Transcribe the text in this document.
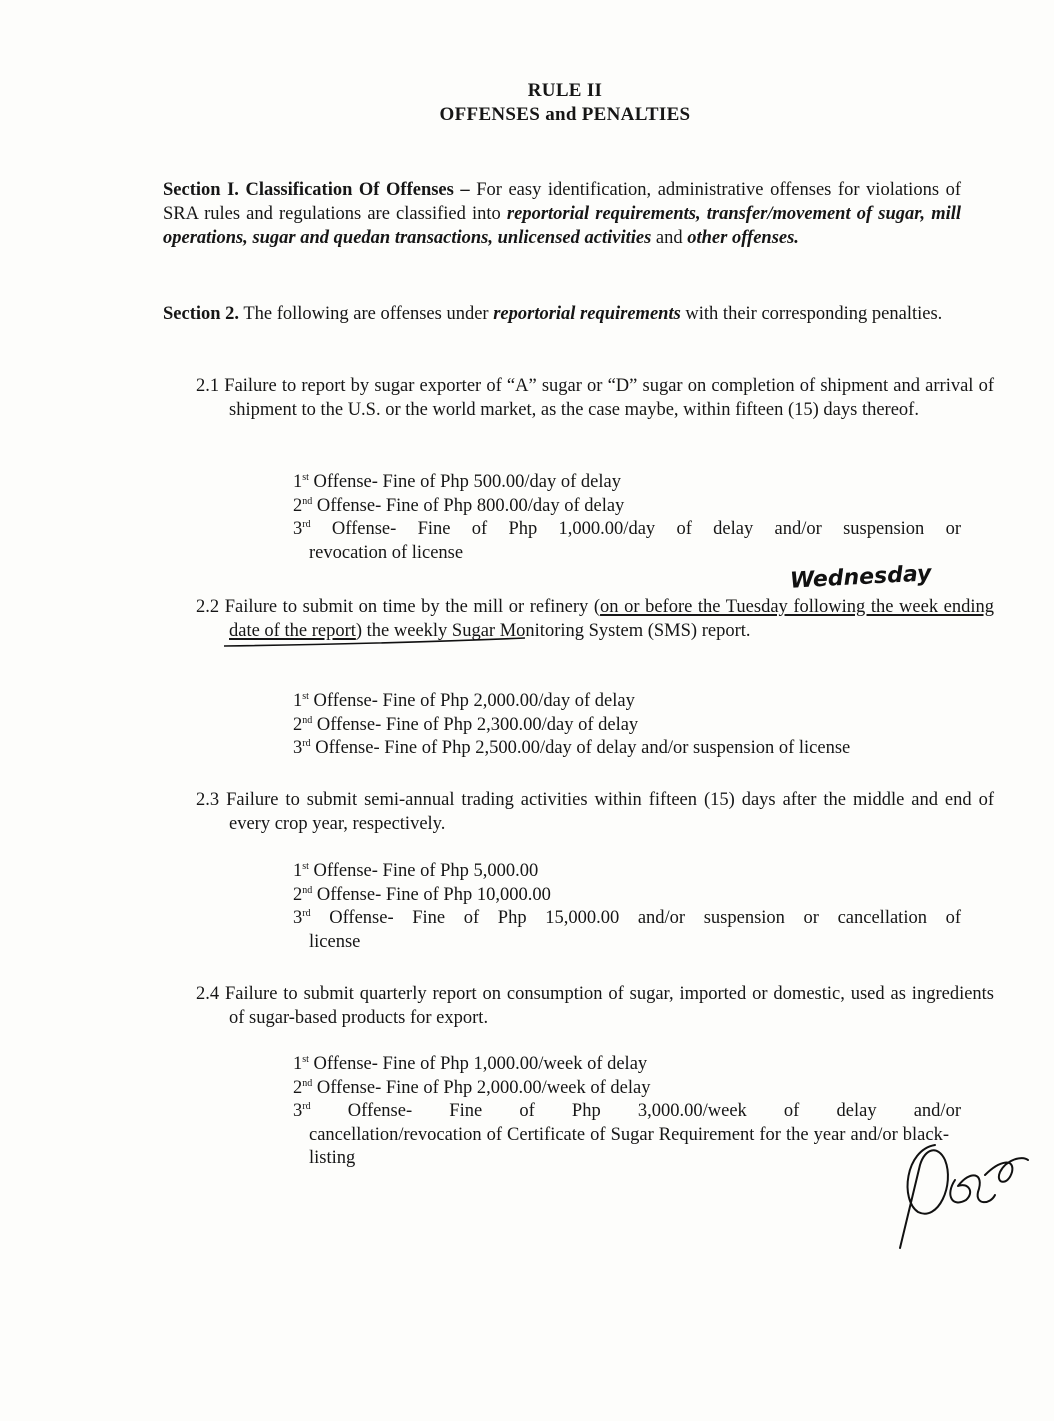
RULE II
OFFENSES and PENALTIES
Section I. Classification Of Offenses – For easy identification, administrative offenses for violations of SRA rules and regulations are classified into reportorial requirements, transfer/movement of sugar, mill operations, sugar and quedan transactions, unlicensed activities and other offenses.
Section 2. The following are offenses under reportorial requirements with their corresponding penalties.
2.1 Failure to report by sugar exporter of “A” sugar or “D” sugar on completion of shipment and arrival of shipment to the U.S. or the world market, as the case maybe, within fifteen (15) days thereof.
1st Offense- Fine of Php 500.00/day of delay
2nd Offense- Fine of Php 800.00/day of delay
3rd Offense- Fine of Php 1,000.00/day of delay and/or suspension or
revocation of license
Wednesday
2.2 Failure to submit on time by the mill or refinery (on or before the Tuesday following the week ending date of the report) the weekly Sugar Monitoring System (SMS) report.
1st Offense- Fine of Php 2,000.00/day of delay
2nd Offense- Fine of Php 2,300.00/day of delay
3rd Offense- Fine of Php 2,500.00/day of delay and/or suspension of license
2.3 Failure to submit semi-annual trading activities within fifteen (15) days after the middle and end of every crop year, respectively.
1st Offense- Fine of Php 5,000.00
2nd Offense- Fine of Php 10,000.00
3rd Offense- Fine of Php 15,000.00 and/or suspension or cancellation of
license
2.4 Failure to submit quarterly report on consumption of sugar, imported or domestic, used as ingredients of sugar-based products for export.
1st Offense- Fine of Php 1,000.00/week of delay
2nd Offense- Fine of Php 2,000.00/week of delay
3rd Offense- Fine of Php 3,000.00/week of delay and/or
cancellation/revocation of Certificate of Sugar Requirement for the year and/or black-listing
